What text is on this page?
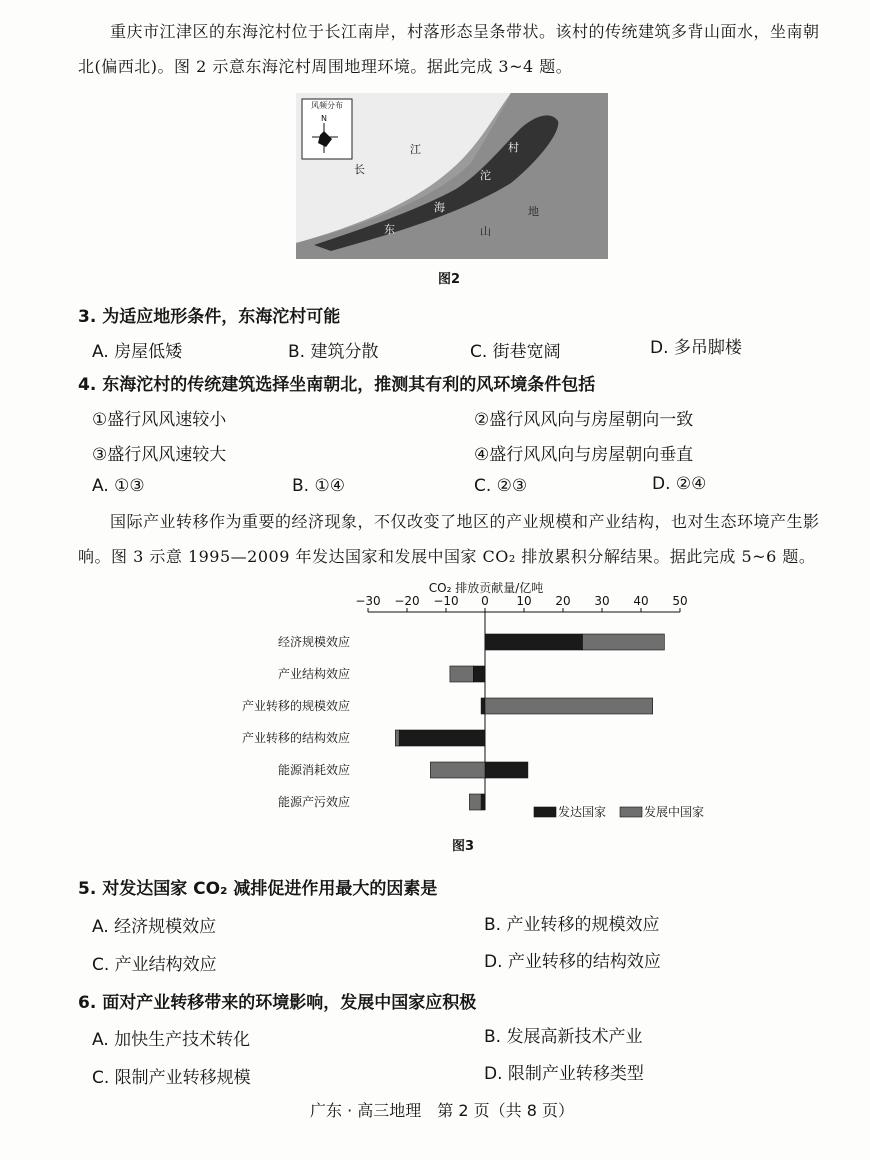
重庆市江津区的东海沱村位于长江南岸，村落形态呈条带状。该村的传统建筑多背山面水，坐南朝北(偏西北)。图 2 示意东海沱村周围地理环境。据此完成 3~4 题。
风频分布
N
长
江
东
海
沱
村
山
地
图2
3. 为适应地形条件，东海沱村可能
A. 房屋低矮	B. 建筑分散	C. 街巷宽阔	D. 多吊脚楼
4. 东海沱村的传统建筑选择坐南朝北，推测其有利的风环境条件包括
①盛行风风速较小	②盛行风风向与房屋朝向一致
③盛行风风速较大	④盛行风风向与房屋朝向垂直
A. ①③	B. ①④	C. ②③	D. ②④
国际产业转移作为重要的经济现象，不仅改变了地区的产业规模和产业结构，也对生态环境产生影响。图 3 示意 1995—2009 年发达国家和发展中国家 CO₂ 排放累积分解结果。据此完成 5~6 题。
CO₂ 排放贡献量/亿吨
−30 −20 −10 0 10 20 30 40 50
经济规模效应
产业结构效应
产业转移的规模效应
产业转移的结构效应
能源消耗效应
能源产污效应
发达国家	发展中国家
图3
5. 对发达国家 CO₂ 减排促进作用最大的因素是
A. 经济规模效应	B. 产业转移的规模效应
C. 产业结构效应	D. 产业转移的结构效应
6. 面对产业转移带来的环境影响，发展中国家应积极
A. 加快生产技术转化	B. 发展高新技术产业
C. 限制产业转移规模	D. 限制产业转移类型
广东 · 高三地理　第 2 页（共 8 页）
